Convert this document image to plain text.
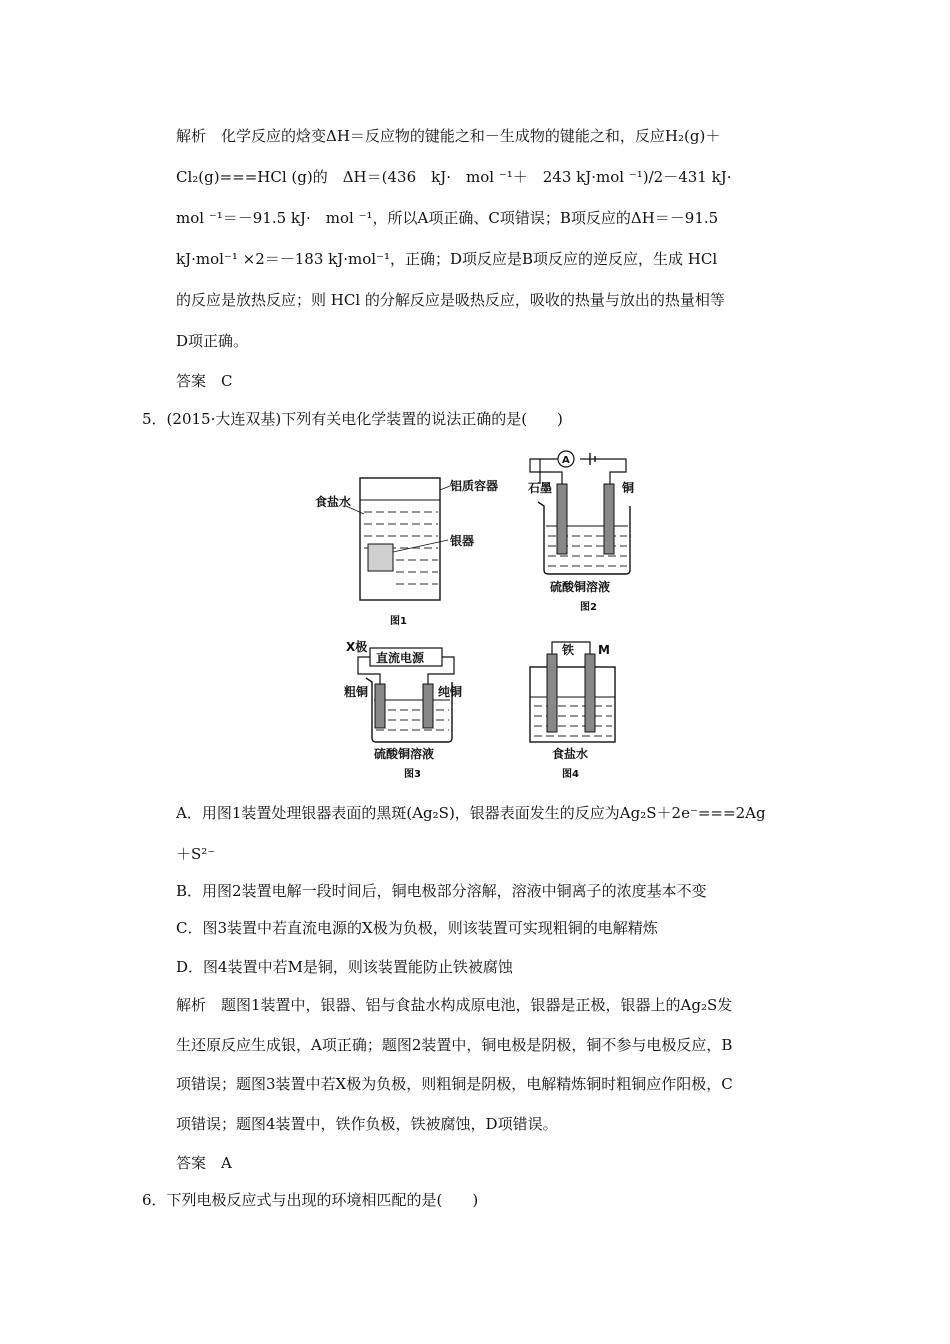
解析　化学反应的焓变ΔH＝反应物的键能之和－生成物的键能之和，反应H₂(g)＋
Cl₂(g)===HCl (g)的　ΔH＝(436　kJ·　mol ⁻¹＋　243 kJ·mol ⁻¹)/2－431 kJ·
mol ⁻¹＝－91.5 kJ·　mol ⁻¹，所以A项正确、C项错误；B项反应的ΔH＝－91.5
kJ·mol⁻¹ ×2＝－183 kJ·mol⁻¹，正确；D项反应是B项反应的逆反应，生成 HCl
的反应是放热反应；则 HCl 的分解反应是吸热反应，吸收的热量与放出的热量相等
D项正确。
答案　C
5．(2015·大连双基)下列有关电化学装置的说法正确的是(　　)
食盐水
铝质容器
银器
图1
A
石墨	铜
硫酸铜溶液
图2
直流电源
X极
粗铜	纯铜
硫酸铜溶液
图3
铁 M
食盐水
图4
A．用图1装置处理银器表面的黑斑(Ag₂S)，银器表面发生的反应为Ag₂S＋2e⁻===2Ag
＋S²⁻
B．用图2装置电解一段时间后，铜电极部分溶解，溶液中铜离子的浓度基本不变
C．图3装置中若直流电源的X极为负极，则该装置可实现粗铜的电解精炼
D．图4装置中若M是铜，则该装置能防止铁被腐蚀
解析　题图1装置中，银器、铝与食盐水构成原电池，银器是正极，银器上的Ag₂S发
生还原反应生成银，A项正确；题图2装置中，铜电极是阴极，铜不参与电极反应，B
项错误；题图3装置中若X极为负极，则粗铜是阴极，电解精炼铜时粗铜应作阳极，C
项错误；题图4装置中，铁作负极，铁被腐蚀，D项错误。
答案　A
6．下列电极反应式与出现的环境相匹配的是(　　)
